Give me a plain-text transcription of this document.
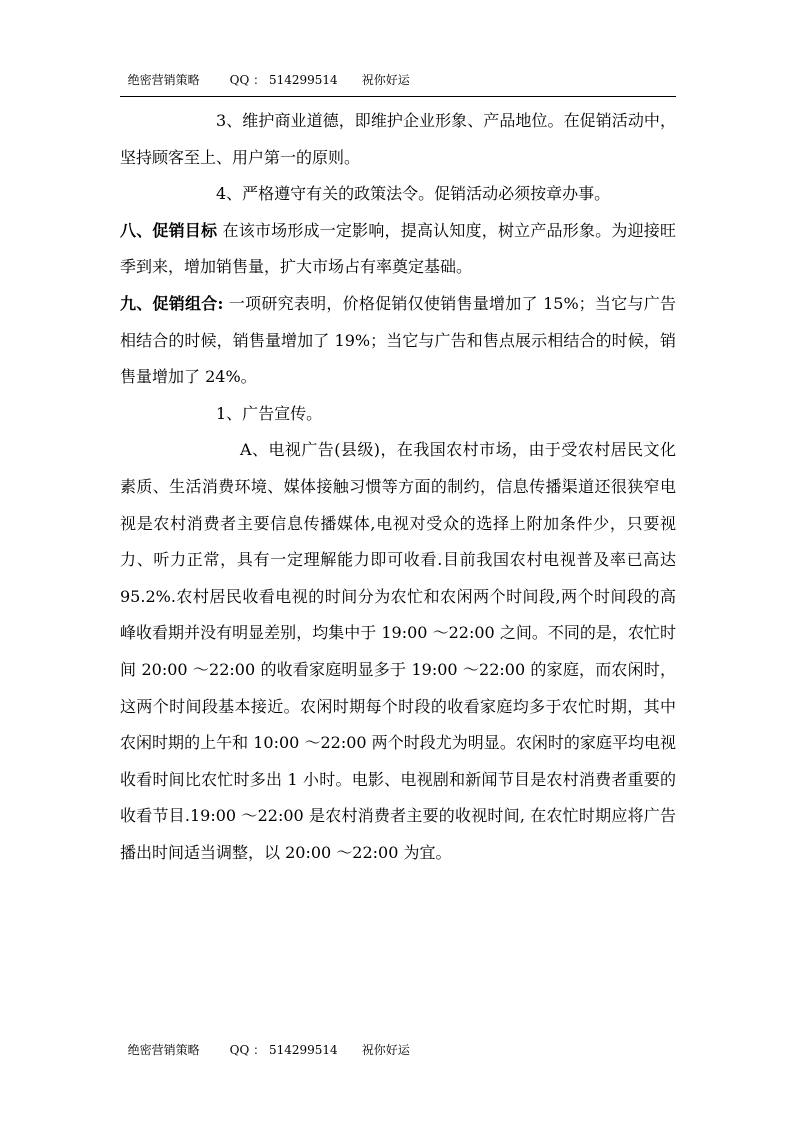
绝密营销策略	QQ ： 514299514 祝你好运

3、维护商业道德，即维护企业形象、产品地位。在促销活动中，坚持顾客至上、用户第一的原则。

4、严格遵守有关的政策法令。促销活动必须按章办事。

八、促销目标 在该市场形成一定影响，提高认知度，树立产品形象。为迎接旺季到来，增加销售量，扩大市场占有率奠定基础。

九、促销组合: 一项研究表明，价格促销仅使销售量增加了 15%；当它与广告相结合的时候，销售量增加了 19%；当它与广告和售点展示相结合的时候，销售量增加了 24%。

1、广告宣传。

A、电视广告(县级)，在我国农村市场，由于受农村居民文化素质、生活消费环境、媒体接触习惯等方面的制约，信息传播渠道还很狭窄电视是农村消费者主要信息传播媒体,电视对受众的选择上附加条件少，只要视力、听力正常，具有一定理解能力即可收看.目前我国农村电视普及率已高达 95.2%.农村居民收看电视的时间分为农忙和农闲两个时间段,两个时间段的高峰收看期并没有明显差别，均集中于 19:00 ～22:00 之间。不同的是，农忙时间 20:00 ～22:00 的收看家庭明显多于 19:00 ～22:00 的家庭，而农闲时，这两个时间段基本接近。农闲时期每个时段的收看家庭均多于农忙时期，其中农闲时期的上午和 10:00 ～22:00 两个时段尤为明显。农闲时的家庭平均电视收看时间比农忙时多出 1 小时。电影、电视剧和新闻节目是农村消费者重要的收看节目.19:00 ～22:00 是农村消费者主要的收视时间, 在农忙时期应将广告播出时间适当调整，以 20:00 ～22:00 为宜。

绝密营销策略	QQ ： 514299514 祝你好运
